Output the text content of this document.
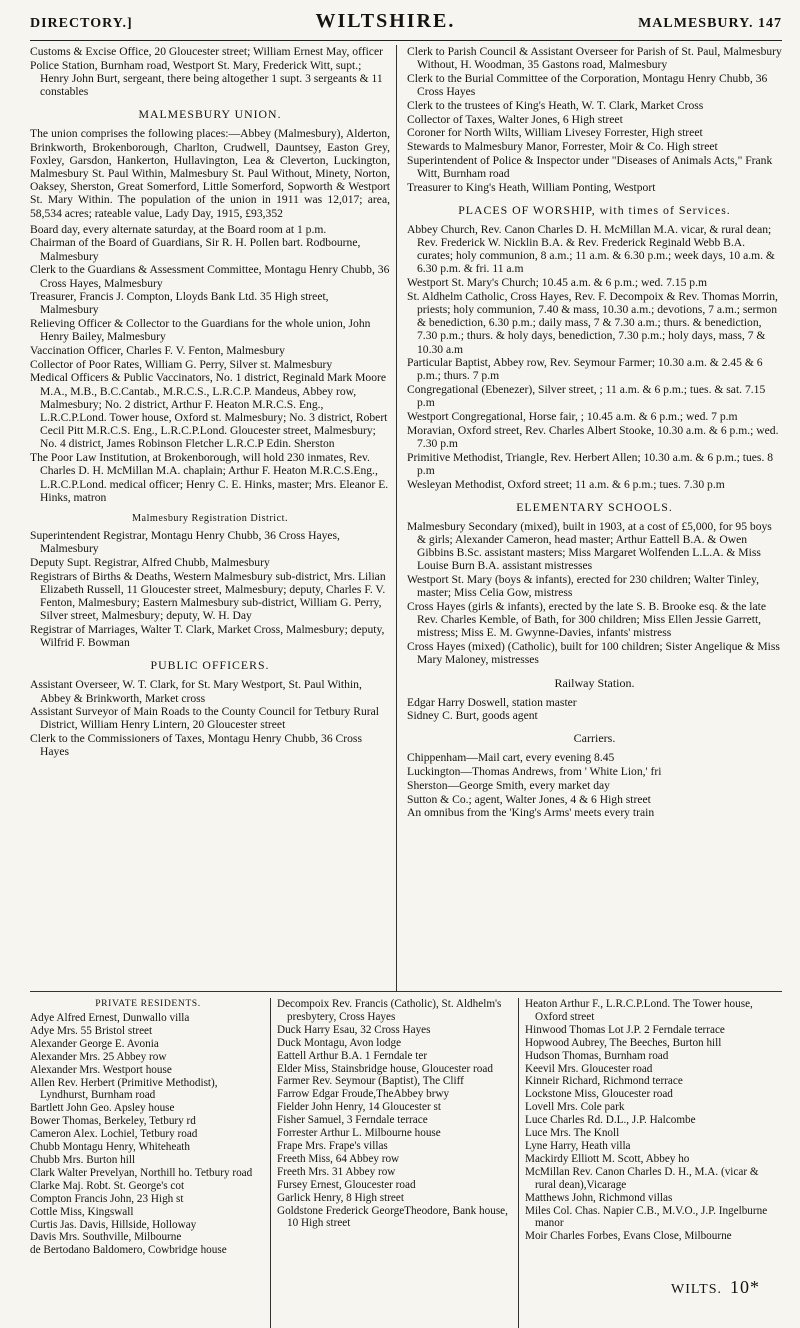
DIRECTORY.]	WILTSHIRE.	MALMESBURY. 147
Customs & Excise Office, 20 Gloucester street; William Ernest May, officer
Police Station, Burnham road, Westport St. Mary, Frederick Witt, supt.; Henry John Burt, sergeant, there being altogether 1 supt. 3 sergeants & 11 constables
MALMESBURY UNION.
The union comprises the following places:—Abbey (Malmesbury), Alderton, Brinkworth, Brokenborough, Charlton, Crudwell, Dauntsey, Easton Grey, Foxley, Garsdon, Hankerton, Hullavington, Lea & Cleverton, Luckington, Malmesbury St. Paul Within, Malmesbury St. Paul Without, Minety, Norton, Oaksey, Sherston, Great Somerford, Little Somerford, Sopworth & Westport St. Mary Within. The population of the union in 1911 was 12,017; area, 58,534 acres; rateable value, Lady Day, 1915, £93,352
Board day, every alternate saturday, at the Board room at 1 p.m.
Chairman of the Board of Guardians, Sir R. H. Pollen bart. Rodbourne, Malmesbury
Clerk to the Guardians & Assessment Committee, Montagu Henry Chubb, 36 Cross Hayes, Malmesbury
Treasurer, Francis J. Compton, Lloyds Bank Ltd. 35 High street, Malmesbury
Relieving Officer & Collector to the Guardians for the whole union, John Henry Bailey, Malmesbury
Vaccination Officer, Charles F. V. Fenton, Malmesbury
Collector of Poor Rates, William G. Perry, Silver st. Malmesbury
Medical Officers & Public Vaccinators, No. 1 district, Reginald Mark Moore M.A., M.B., B.C.Cantab., M.R.C.S., L.R.C.P. Mandeus, Abbey row, Malmesbury; No. 2 district, Arthur F. Heaton M.R.C.S. Eng., L.R.C.P.Lond. Tower house, Oxford st. Malmesbury; No. 3 district, Robert Cecil Pitt M.R.C.S. Eng., L.R.C.P.Lond. Gloucester street, Malmesbury; No. 4 district, James Robinson Fletcher L.R.C.P Edin. Sherston
The Poor Law Institution, at Brokenborough, will hold 230 inmates, Rev. Charles D. H. McMillan M.A. chaplain; Arthur F. Heaton M.R.C.S.Eng., L.R.C.P.Lond. medical officer; Henry C. E. Hinks, master; Mrs. Eleanor E. Hinks, matron
Malmesbury Registration District.
Superintendent Registrar, Montagu Henry Chubb, 36 Cross Hayes, Malmesbury
Deputy Supt. Registrar, Alfred Chubb, Malmesbury
Registrars of Births & Deaths, Western Malmesbury sub-district, Mrs. Lilian Elizabeth Russell, 11 Gloucester street, Malmesbury; deputy, Charles F. V. Fenton, Malmesbury; Eastern Malmesbury sub-district, William G. Perry, Silver street, Malmesbury; deputy, W. H. Day
Registrar of Marriages, Walter T. Clark, Market Cross, Malmesbury; deputy, Wilfrid F. Bowman
PUBLIC OFFICERS.
Assistant Overseer, W. T. Clark, for St. Mary Westport, St. Paul Within, Abbey & Brinkworth, Market cross
Assistant Surveyor of Main Roads to the County Council for Tetbury Rural District, William Henry Lintern, 20 Gloucester street
Clerk to the Commissioners of Taxes, Montagu Henry Chubb, 36 Cross Hayes
Clerk to Parish Council & Assistant Overseer for Parish of St. Paul, Malmesbury Without, H. Woodman, 35 Gastons road, Malmesbury
Clerk to the Burial Committee of the Corporation, Montagu Henry Chubb, 36 Cross Hayes
Clerk to the trustees of King's Heath, W. T. Clark, Market Cross
Collector of Taxes, Walter Jones, 6 High street
Coroner for North Wilts, William Livesey Forrester, High street
Stewards to Malmesbury Manor, Forrester, Moir & Co. High street
Superintendent of Police & Inspector under "Diseases of Animals Acts," Frank Witt, Burnham road
Treasurer to King's Heath, William Ponting, Westport
PLACES OF WORSHIP, with times of Services.
Abbey Church, Rev. Canon Charles D. H. McMillan M.A. vicar, & rural dean; Rev. Frederick W. Nicklin B.A. & Rev. Frederick Reginald Webb B.A. curates; holy communion, 8 a.m.; 11 a.m. & 6.30 p.m.; week days, 10 a.m. & 6.30 p.m. & fri. 11 a.m
Westport St. Mary's Church; 10.45 a.m. & 6 p.m.; wed. 7.15 p.m
St. Aldhelm Catholic, Cross Hayes, Rev. F. Decompoix & Rev. Thomas Morrin, priests; holy communion, 7.40 & mass, 10.30 a.m.; devotions, 7 a.m.; sermon & benediction, 6.30 p.m.; daily mass, 7 & 7.30 a.m.; thurs. & benediction, 7.30 p.m.; thurs. & holy days, benediction, 7.30 p.m.; holy days, mass, 7 & 10.30 a.m
Particular Baptist, Abbey row, Rev. Seymour Farmer; 10.30 a.m. & 2.45 & 6 p.m.; thurs. 7 p.m
Congregational (Ebenezer), Silver street, ; 11 a.m. & 6 p.m.; tues. & sat. 7.15 p.m
Westport Congregational, Horse fair, ; 10.45 a.m. & 6 p.m.; wed. 7 p.m
Moravian, Oxford street, Rev. Charles Albert Stooke, 10.30 a.m. & 6 p.m.; wed. 7.30 p.m
Primitive Methodist, Triangle, Rev. Herbert Allen; 10.30 a.m. & 6 p.m.; tues. 8 p.m
Wesleyan Methodist, Oxford street; 11 a.m. & 6 p.m.; tues. 7.30 p.m
ELEMENTARY SCHOOLS.
Malmesbury Secondary (mixed), built in 1903, at a cost of £5,000, for 95 boys & girls; Alexander Cameron, head master; Arthur Eattell B.A. & Owen Gibbins B.Sc. assistant masters; Miss Margaret Wolfenden L.L.A. & Miss Louise Burn B.A. assistant mistresses
Westport St. Mary (boys & infants), erected for 230 children; Walter Tinley, master; Miss Celia Gow, mistress
Cross Hayes (girls & infants), erected by the late S. B. Brooke esq. & the late Rev. Charles Kemble, of Bath, for 300 children; Miss Ellen Jessie Garrett, mistress; Miss E. M. Gwynne-Davies, infants' mistress
Cross Hayes (mixed) (Catholic), built for 100 children; Sister Angelique & Miss Mary Maloney, mistresses
Railway Station.
Edgar Harry Doswell, station master
Sidney C. Burt, goods agent
Carriers.
Chippenham—Mail cart, every evening 8.45
Luckington—Thomas Andrews, from ' White Lion,' fri
Sherston—George Smith, every market day
Sutton & Co.; agent, Walter Jones, 4 & 6 High street
An omnibus from the 'King's Arms' meets every train
PRIVATE RESIDENTS.
Adye Alfred Ernest, Dunwallo villa
Adye Mrs. 55 Bristol street
Alexander George E. Avonia
Alexander Mrs. 25 Abbey row
Alexander Mrs. Westport house
Allen Rev. Herbert (Primitive Methodist), Lyndhurst, Burnham road
Bartlett John Geo. Apsley house
Bower Thomas, Berkeley, Tetbury rd
Cameron Alex. Lochiel, Tetbury road
Chubb Montagu Henry, Whiteheath
Chubb Mrs. Burton hill
Clark Walter Prevelyan, Northill ho. Tetbury road
Clarke Maj. Robt. St. George's cot
Compton Francis John, 23 High st
Cottle Miss, Kingswall
Curtis Jas. Davis, Hillside, Holloway
Davis Mrs. Southville, Milbourne
de Bertodano Baldomero, Cowbridge house
Decompoix Rev. Francis (Catholic), St. Aldhelm's presbytery, Cross Hayes
Duck Harry Esau, 32 Cross Hayes
Duck Montagu, Avon lodge
Eattell Arthur B.A. 1 Ferndale ter
Elder Miss, Stainsbridge house, Gloucester road
Farmer Rev. Seymour (Baptist), The Cliff
Farrow Edgar Froude,TheAbbey brwy
Fielder John Henry, 14 Gloucester st
Fisher Samuel, 3 Ferndale terrace
Forrester Arthur L. Milbourne house
Frape Mrs. Frape's villas
Freeth Miss, 64 Abbey row
Freeth Mrs. 31 Abbey row
Fursey Ernest, Gloucester road
Garlick Henry, 8 High street
Goldstone Frederick GeorgeTheodore, Bank house, 10 High street
Heaton Arthur F., L.R.C.P.Lond. The Tower house, Oxford street
Hinwood Thomas Lot J.P. 2 Ferndale terrace
Hopwood Aubrey, The Beeches, Burton hill
Hudson Thomas, Burnham road
Keevil Mrs. Gloucester road
Kinneir Richard, Richmond terrace
Lockstone Miss, Gloucester road
Lovell Mrs. Cole park
Luce Charles Rd. D.L., J.P. Halcombe
Luce Mrs. The Knoll
Lyne Harry, Heath villa
Mackirdy Elliott M. Scott, Abbey ho
McMillan Rev. Canon Charles D. H., M.A. (vicar & rural dean),Vicarage
Matthews John, Richmond villas
Miles Col. Chas. Napier C.B., M.V.O., J.P. Ingelburne manor
Moir Charles Forbes, Evans Close, Milbourne
WILTS. 10*
